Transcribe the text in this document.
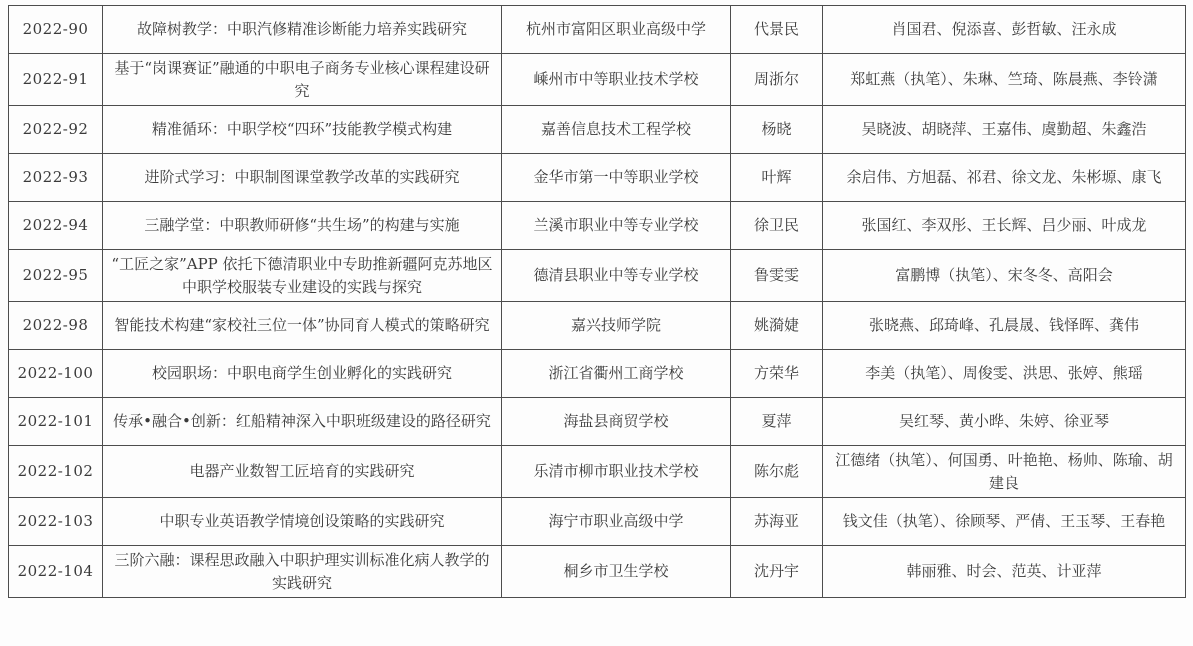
2022-90	故障树教学：中职汽修精准诊断能力培养实践研究	杭州市富阳区职业高级中学	代景民	肖国君、倪添喜、彭哲敏、汪永成
2022-91	基于“岗课赛证”融通的中职电子商务专业核心课程建设研究	嵊州市中等职业技术学校	周浙尔	郑虹燕（执笔）、朱琳、竺琦、陈晨燕、李铃潇
2022-92	精准循环：中职学校“四环”技能教学模式构建	嘉善信息技术工程学校	杨晓	吴晓波、胡晓萍、王嘉伟、虞勤超、朱鑫浩
2022-93	进阶式学习：中职制图课堂教学改革的实践研究	金华市第一中等职业学校	叶辉	余启伟、方旭磊、祁君、徐文龙、朱彬塬、康飞
2022-94	三融学堂：中职教师研修“共生场”的构建与实施	兰溪市职业中等专业学校	徐卫民	张国红、李双彤、王长辉、吕少丽、叶成龙
2022-95	“工匠之家”APP 依托下德清职业中专助推新疆阿克苏地区中职学校服装专业建设的实践与探究	德清县职业中等专业学校	鲁雯雯	富鹏博（执笔）、宋冬冬、高阳会
2022-98	智能技术构建“家校社三位一体”协同育人模式的策略研究	嘉兴技师学院	姚漪婕	张晓燕、邱琦峰、孔晨晟、钱怿晖、龚伟
2022-100	校园职场：中职电商学生创业孵化的实践研究	浙江省衢州工商学校	方荣华	李美（执笔）、周俊雯、洪思、张婷、熊瑶
2022-101	传承•融合•创新：红船精神深入中职班级建设的路径研究	海盐县商贸学校	夏萍	吴红琴、黄小晔、朱婷、徐亚琴
2022-102	电器产业数智工匠培育的实践研究	乐清市柳市职业技术学校	陈尔彪	江德绪（执笔）、何国勇、叶艳艳、杨帅、陈瑜、胡建良
2022-103	中职专业英语教学情境创设策略的实践研究	海宁市职业高级中学	苏海亚	钱文佳（执笔）、徐顾琴、严倩、王玉琴、王春艳
2022-104	三阶六融：课程思政融入中职护理实训标准化病人教学的实践研究	桐乡市卫生学校	沈丹宇	韩丽雅、时会、范英、计亚萍
